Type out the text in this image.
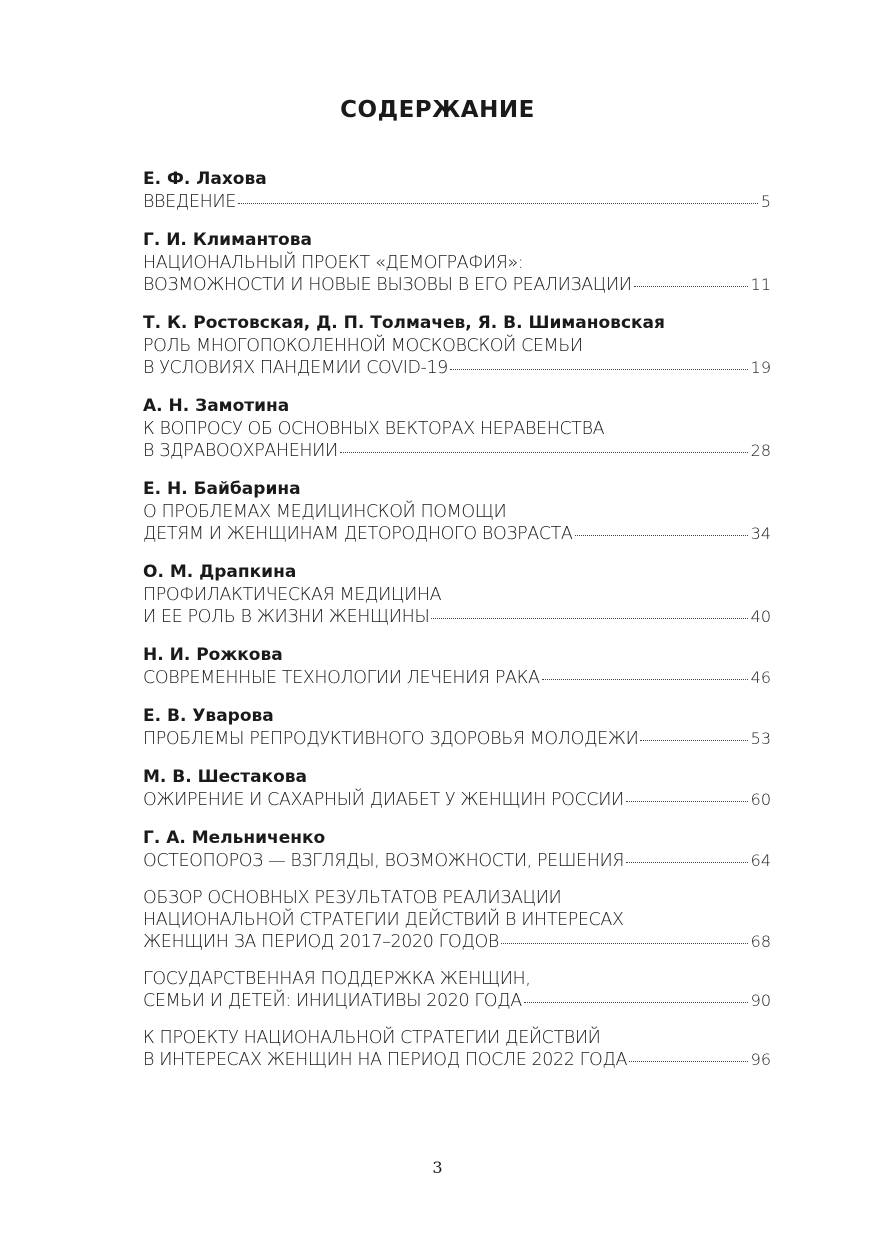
СОДЕРЖАНИЕ
Е. Ф. Лахова
ВВЕДЕНИЕ	5
Г. И. Климантова
НАЦИОНАЛЬНЫЙ ПРОЕКТ «ДЕМОГРАФИЯ»:
ВОЗМОЖНОСТИ И НОВЫЕ ВЫЗОВЫ В ЕГО РЕАЛИЗАЦИИ	11
Т. К. Ростовская, Д. П. Толмачев, Я. В. Шимановская
РОЛЬ МНОГОПОКОЛЕННОЙ МОСКОВСКОЙ СЕМЬИ
В УСЛОВИЯХ ПАНДЕМИИ COVID-19	19
А. Н. Замотина
К ВОПРОСУ ОБ ОСНОВНЫХ ВЕКТОРАХ НЕРАВЕНСТВА
В ЗДРАВООХРАНЕНИИ	28
Е. Н. Байбарина
О ПРОБЛЕМАХ МЕДИЦИНСКОЙ ПОМОЩИ
ДЕТЯМ И ЖЕНЩИНАМ ДЕТОРОДНОГО ВОЗРАСТА	34
О. М. Драпкина
ПРОФИЛАКТИЧЕСКАЯ МЕДИЦИНА
И ЕЕ РОЛЬ В ЖИЗНИ ЖЕНЩИНЫ	40
Н. И. Рожкова
СОВРЕМЕННЫЕ ТЕХНОЛОГИИ ЛЕЧЕНИЯ РАКА	46
Е. В. Уварова
ПРОБЛЕМЫ РЕПРОДУКТИВНОГО ЗДОРОВЬЯ МОЛОДЕЖИ	53
М. В. Шестакова
ОЖИРЕНИЕ И САХАРНЫЙ ДИАБЕТ У ЖЕНЩИН РОССИИ	60
Г. А. Мельниченко
ОСТЕОПОРОЗ — ВЗГЛЯДЫ, ВОЗМОЖНОСТИ, РЕШЕНИЯ	64
ОБЗОР ОСНОВНЫХ РЕЗУЛЬТАТОВ РЕАЛИЗАЦИИ
НАЦИОНАЛЬНОЙ СТРАТЕГИИ ДЕЙСТВИЙ В ИНТЕРЕСАХ
ЖЕНЩИН ЗА ПЕРИОД 2017–2020 ГОДОВ	68
ГОСУДАРСТВЕННАЯ ПОДДЕРЖКА ЖЕНЩИН,
СЕМЬИ И ДЕТЕЙ: ИНИЦИАТИВЫ 2020 ГОДА	90
К ПРОЕКТУ НАЦИОНАЛЬНОЙ СТРАТЕГИИ ДЕЙСТВИЙ
В ИНТЕРЕСАХ ЖЕНЩИН НА ПЕРИОД ПОСЛЕ 2022 ГОДА	96
3
